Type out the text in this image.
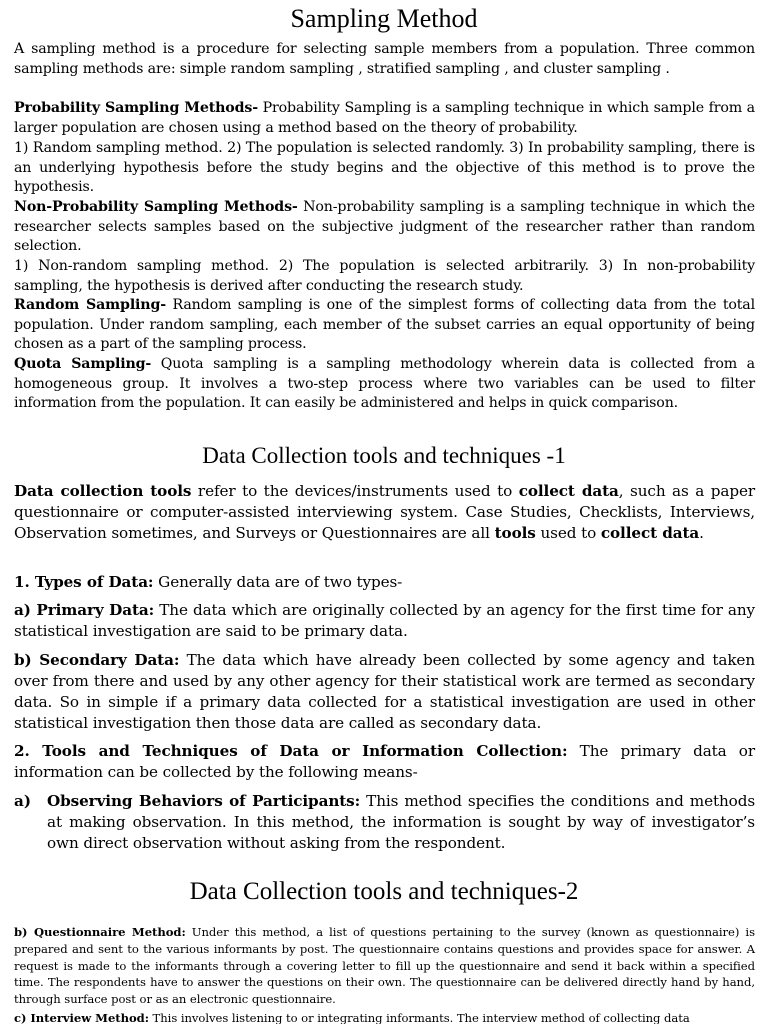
Sampling Method

A sampling method is a procedure for selecting sample members from a population. Three common sampling methods are: simple random sampling , stratified sampling , and cluster sampling .

Probability Sampling Methods- Probability Sampling is a sampling technique in which sample from a larger population are chosen using a method based on the theory of probability.

1) Random sampling method. 2) The population is selected randomly. 3) In probability sampling, there is an underlying hypothesis before the study begins and the objective of this method is to prove the hypothesis.

Non-Probability Sampling Methods- Non-probability sampling is a sampling technique in which the researcher selects samples based on the subjective judgment of the researcher rather than random selection.

1) Non-random sampling method. 2) The population is selected arbitrarily. 3) In non-probability sampling, the hypothesis is derived after conducting the research study.

Random Sampling- Random sampling is one of the simplest forms of collecting data from the total population. Under random sampling, each member of the subset carries an equal opportunity of being chosen as a part of the sampling process.

Quota Sampling- Quota sampling is a sampling methodology wherein data is collected from a homogeneous group. It involves a two-step process where two variables can be used to filter information from the population. It can easily be administered and helps in quick comparison.

Data Collection tools and techniques -1

Data collection tools refer to the devices/instruments used to collect data, such as a paper questionnaire or computer-assisted interviewing system. Case Studies, Checklists, Interviews, Observation sometimes, and Surveys or Questionnaires are all tools used to collect data.

1. Types of Data: Generally data are of two types-

a) Primary Data: The data which are originally collected by an agency for the first time for any statistical investigation are said to be primary data.

b) Secondary Data: The data which have already been collected by some agency and taken over from there and used by any other agency for their statistical work are termed as secondary data. So in simple if a primary data collected for a statistical investigation are used in other statistical investigation then those data are called as secondary data.

2. Tools and Techniques of Data or Information Collection: The primary data or information can be collected by the following means-

a) Observing Behaviors of Participants: This method specifies the conditions and methods at making observation. In this method, the information is sought by way of investigator’s own direct observation without asking from the respondent.

Data Collection tools and techniques-2

b) Questionnaire Method: Under this method, a list of questions pertaining to the survey (known as questionnaire) is prepared and sent to the various informants by post. The questionnaire contains questions and provides space for answer. A request is made to the informants through a covering letter to fill up the questionnaire and send it back within a specified time. The respondents have to answer the questions on their own. The questionnaire can be delivered directly hand by hand, through surface post or as an electronic questionnaire.

c) Interview Method: This involves listening to or integrating informants. The interview method of collecting data
